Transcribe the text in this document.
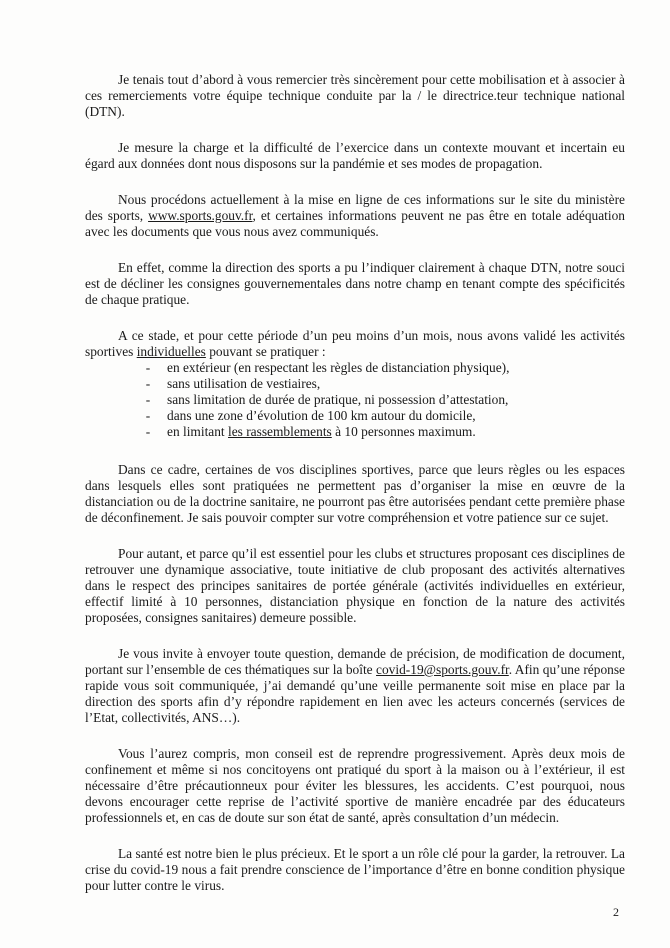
Je tenais tout d’abord à vous remercier très sincèrement pour cette mobilisation et à associer à ces remerciements votre équipe technique conduite par la / le directrice.teur technique national (DTN).

Je mesure la charge et la difficulté de l’exercice dans un contexte mouvant et incertain eu égard aux données dont nous disposons sur la pandémie et ses modes de propagation.

Nous procédons actuellement à la mise en ligne de ces informations sur le site du ministère des sports, www.sports.gouv.fr, et certaines informations peuvent ne pas être en totale adéquation avec les documents que vous nous avez communiqués.

En effet, comme la direction des sports a pu l’indiquer clairement à chaque DTN, notre souci est de décliner les consignes gouvernementales dans notre champ en tenant compte des spécificités de chaque pratique.

A ce stade, et pour cette période d’un peu moins d’un mois, nous avons validé les activités sportives individuelles pouvant se pratiquer :

- en extérieur (en respectant les règles de distanciation physique),
- sans utilisation de vestiaires,
- sans limitation de durée de pratique, ni possession d’attestation,
- dans une zone d’évolution de 100 km autour du domicile,
- en limitant les rassemblements à 10 personnes maximum.

Dans ce cadre, certaines de vos disciplines sportives, parce que leurs règles ou les espaces dans lesquels elles sont pratiquées ne permettent pas d’organiser la mise en œuvre de la distanciation ou de la doctrine sanitaire, ne pourront pas être autorisées pendant cette première phase de déconfinement. Je sais pouvoir compter sur votre compréhension et votre patience sur ce sujet.

Pour autant, et parce qu’il est essentiel pour les clubs et structures proposant ces disciplines de retrouver une dynamique associative, toute initiative de club proposant des activités alternatives dans le respect des principes sanitaires de portée générale (activités individuelles en extérieur, effectif limité à 10 personnes, distanciation physique en fonction de la nature des activités proposées, consignes sanitaires) demeure possible.

Je vous invite à envoyer toute question, demande de précision, de modification de document, portant sur l’ensemble de ces thématiques sur la boîte covid-19@sports.gouv.fr. Afin qu’une réponse rapide vous soit communiquée, j’ai demandé qu’une veille permanente soit mise en place par la direction des sports afin d’y répondre rapidement en lien avec les acteurs concernés (services de l’Etat, collectivités, ANS…).

Vous l’aurez compris, mon conseil est de reprendre progressivement. Après deux mois de confinement et même si nos concitoyens ont pratiqué du sport à la maison ou à l’extérieur, il est nécessaire d’être précautionneux pour éviter les blessures, les accidents. C’est pourquoi, nous devons encourager cette reprise de l’activité sportive de manière encadrée par des éducateurs professionnels et, en cas de doute sur son état de santé, après consultation d’un médecin.

La santé est notre bien le plus précieux. Et le sport a un rôle clé pour la garder, la retrouver. La crise du covid-19 nous a fait prendre conscience de l’importance d’être en bonne condition physique pour lutter contre le virus.

2
